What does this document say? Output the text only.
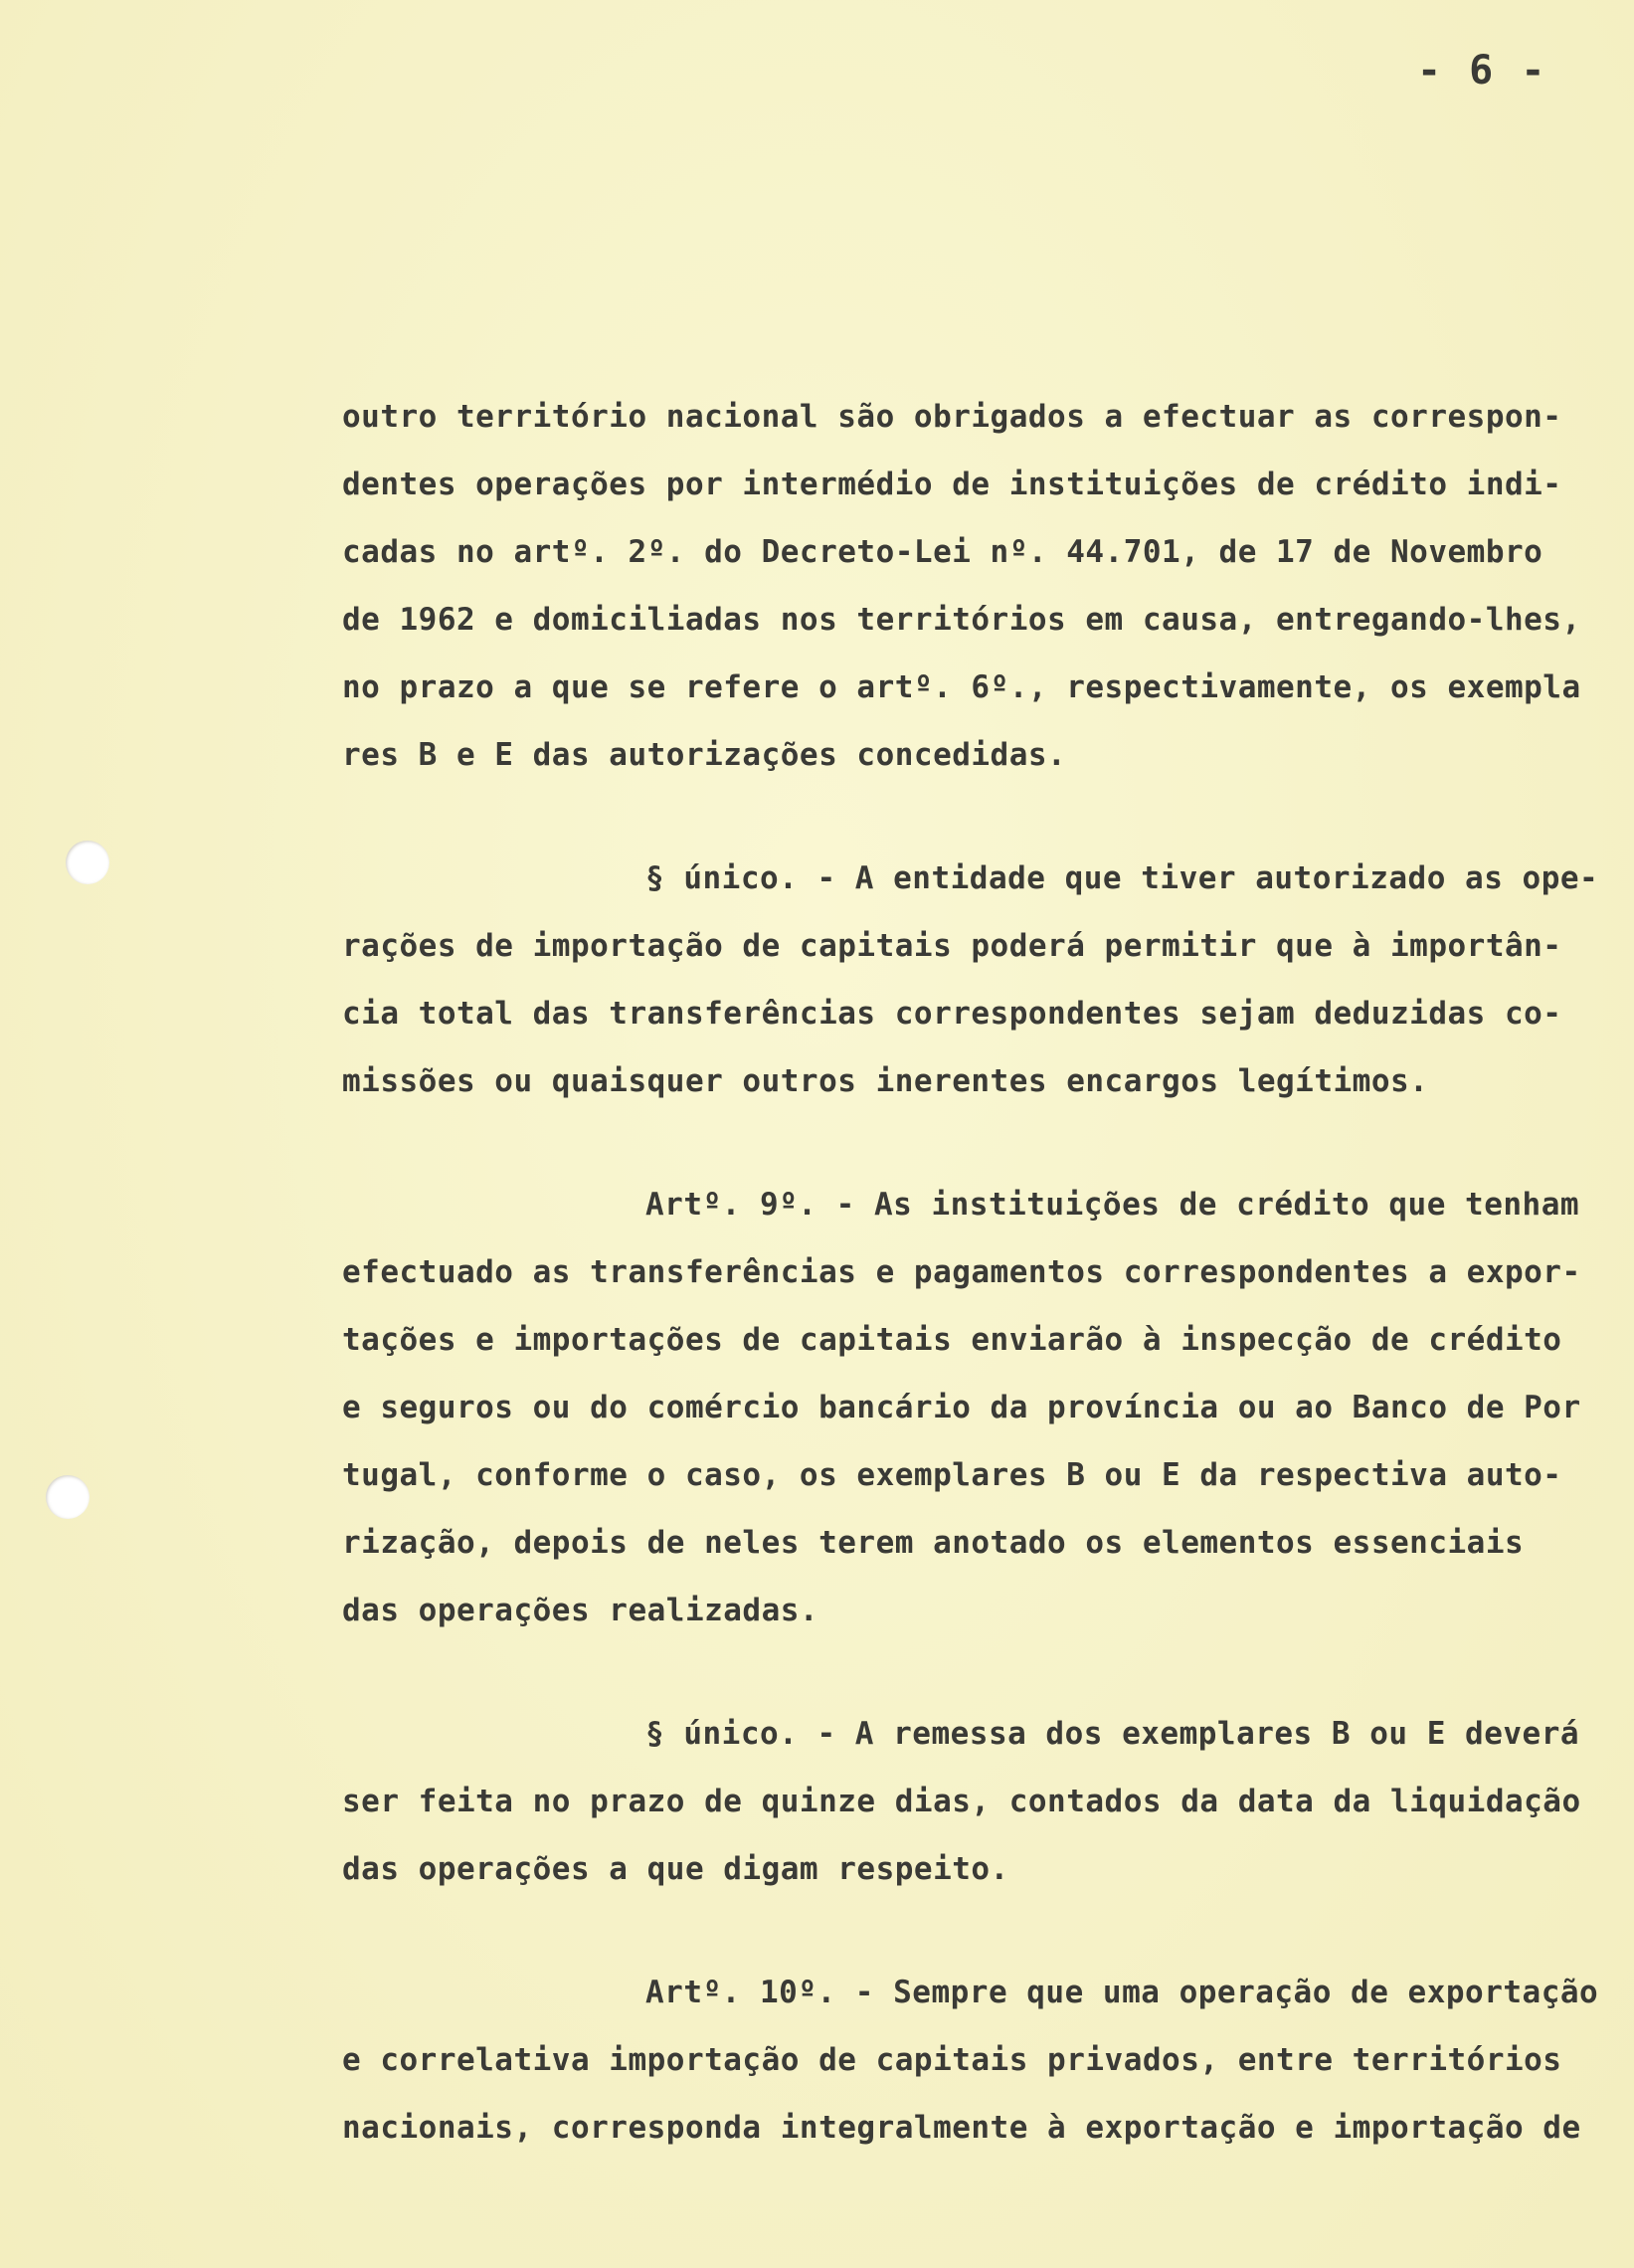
- 6 -
outro território nacional são obrigados a efectuar as correspon-
dentes operações por intermédio de instituições de crédito indi-
cadas no artº. 2º. do Decreto-Lei nº. 44.701, de 17 de Novembro
de 1962 e domiciliadas nos territórios em causa, entregando-lhes,
no prazo a que se refere o artº. 6º., respectivamente, os exempla
res B e E das autorizações concedidas.
§ único. - A entidade que tiver autorizado as ope-
rações de importação de capitais poderá permitir que à importân-
cia total das transferências correspondentes sejam deduzidas co-
missões ou quaisquer outros inerentes encargos legítimos.
Artº. 9º. - As instituições de crédito que tenham
efectuado as transferências e pagamentos correspondentes a expor-
tações e importações de capitais enviarão à inspecção de crédito
e seguros ou do comércio bancário da província ou ao Banco de Por
tugal, conforme o caso, os exemplares B ou E da respectiva auto-
rização, depois de neles terem anotado os elementos essenciais
das operações realizadas.
§ único. - A remessa dos exemplares B ou E deverá
ser feita no prazo de quinze dias, contados da data da liquidação
das operações a que digam respeito.
Artº. 10º. - Sempre que uma operação de exportação
e correlativa importação de capitais privados, entre territórios
nacionais, corresponda integralmente à exportação e importação de
